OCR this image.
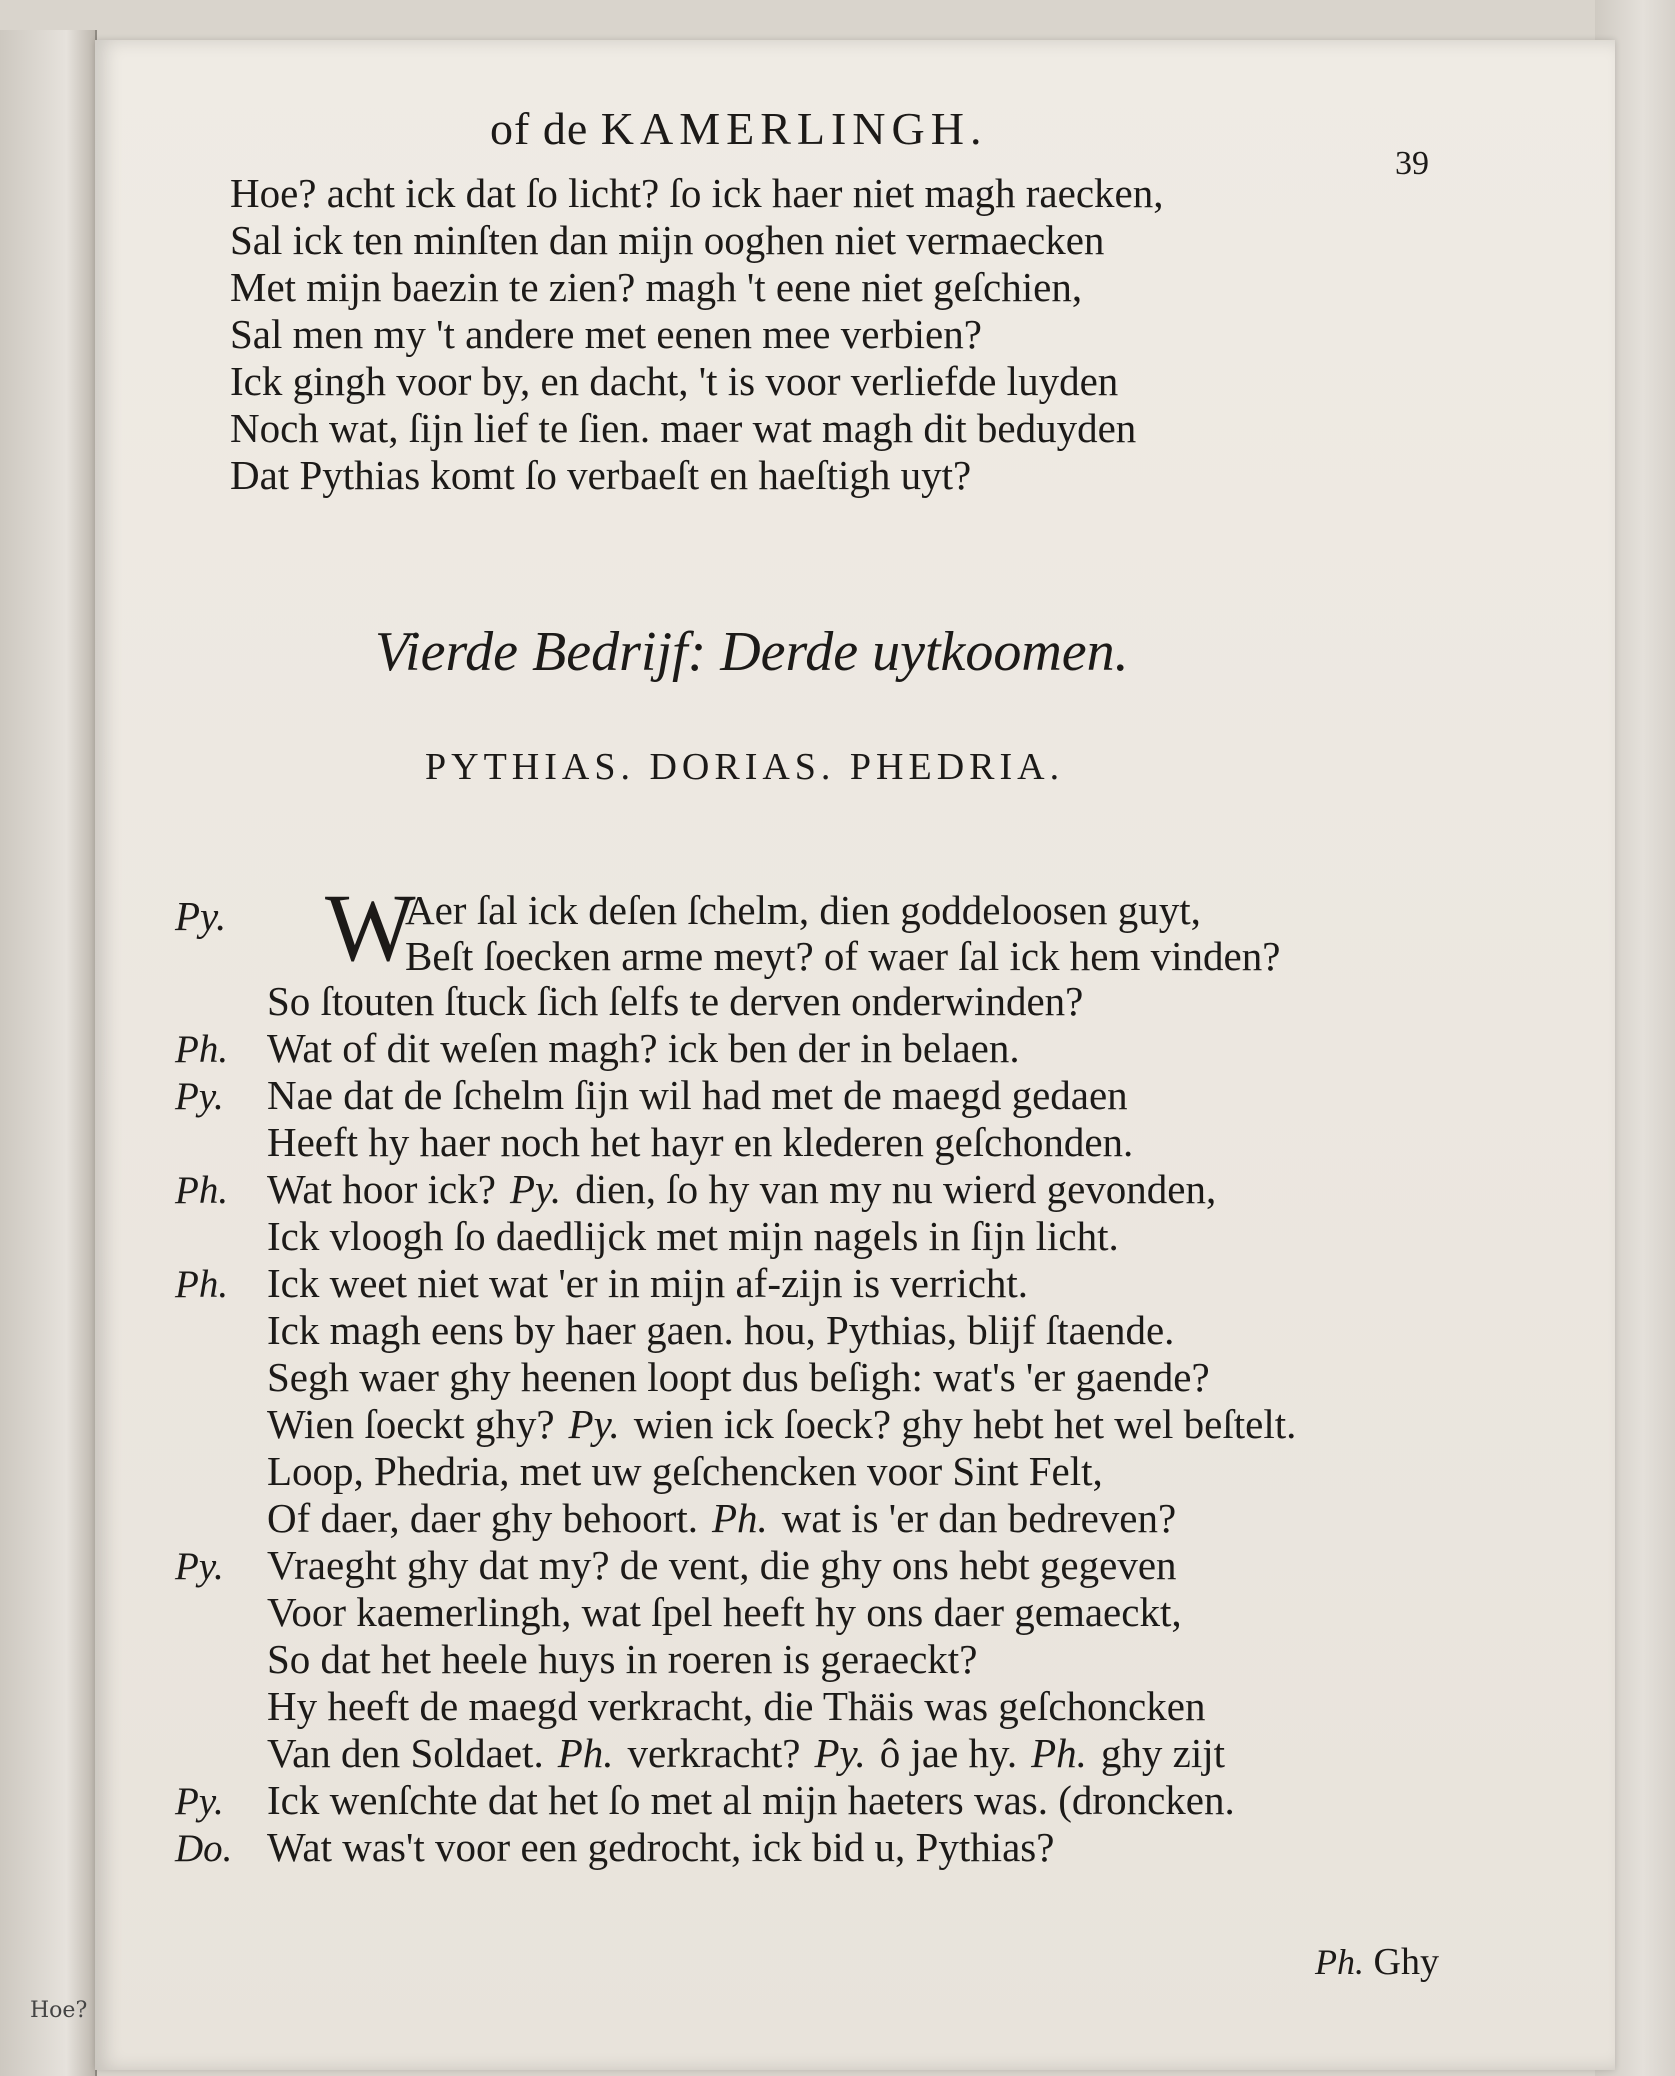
Hoe?
of de KAMERLINGH.
39
Hoe? acht ick dat ſo licht? ſo ick haer niet magh raecken,
Sal ick ten minſten dan mijn ooghen niet vermaecken
Met mijn baezin te zien? magh 't eene niet geſchien,
Sal men my 't andere met eenen mee verbien?
Ick gingh voor by, en dacht, 't is voor verliefde luyden
Noch wat, ſijn lief te ſien. maer wat magh dit beduyden
Dat Pythias komt ſo verbaeſt en haeſtigh uyt?
Vierde Bedrijf: Derde uytkoomen.
PYTHIAS. DORIAS. PHEDRIA.
Py.	W
Aer ſal ick deſen ſchelm, dien goddeloosen guyt,
Beſt ſoecken arme meyt? of waer ſal ick hem vinden?
So ſtouten ſtuck ſich ſelfs te derven onderwinden?
Ph. Wat of dit weſen magh? ick ben der in belaen.
Py. Nae dat de ſchelm ſijn wil had met de maegd gedaen
Heeft hy haer noch het hayr en klederen geſchonden.
Ph. Wat hoor ick? Py. dien, ſo hy van my nu wierd gevonden,
Ick vloogh ſo daedlijck met mijn nagels in ſijn licht.
Ph. Ick weet niet wat 'er in mijn af-zijn is verricht.
Ick magh eens by haer gaen. hou, Pythias, blijf ſtaende.
Segh waer ghy heenen loopt dus beſigh: wat's 'er gaende?
Wien ſoeckt ghy? Py. wien ick ſoeck? ghy hebt het wel beſtelt.
Loop, Phedria, met uw geſchencken voor Sint Felt,
Of daer, daer ghy behoort. Ph. wat is 'er dan bedreven?
Py. Vraeght ghy dat my? de vent, die ghy ons hebt gegeven
Voor kaemerlingh, wat ſpel heeft hy ons daer gemaeckt,
So dat het heele huys in roeren is geraeckt?
Hy heeft de maegd verkracht, die Thäis was geſchoncken
Van den Soldaet. Ph. verkracht? Py. ô jae hy. Ph. ghy zijt
Py. Ick wenſchte dat het ſo met al mijn haeters was. (droncken.
Do. Wat was't voor een gedrocht, ick bid u, Pythias?
Ph. Ghy
